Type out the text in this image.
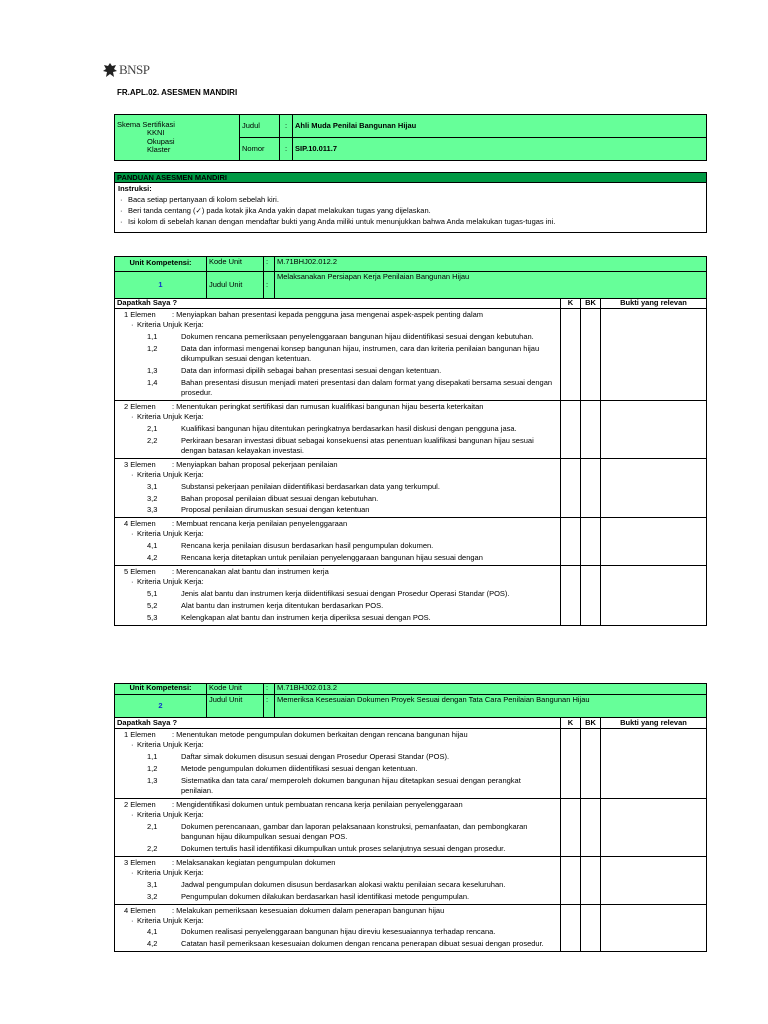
BNSP
FR.APL.02. ASESMEN MANDIRI
Skema Sertifikasi
KKNI
Okupasi
Klaster	Judul	:	Ahli Muda Penilai Bangunan Hijau
	Nomor	:	SIP.10.011.7
PANDUAN ASESMEN MANDIRI
Instruksi:
· Baca setiap pertanyaan di kolom sebelah kiri.
· Beri tanda centang (✓) pada kotak jika Anda yakin dapat melakukan tugas yang dijelaskan.
· Isi kolom di sebelah kanan dengan mendaftar bukti yang Anda miliki untuk menunjukkan bahwa Anda melakukan tugas-tugas ini.
Unit Kompetensi:	Kode Unit	:	M.71BHJ02.012.2
1	Judul Unit	:	Melaksanakan Persiapan Kerja Penilaian Bangunan Hijau
Dapatkah Saya ?	K	BK	Bukti yang relevan
1 Elemen : Menyiapkan bahan presentasi kepada pengguna jasa mengenai aspek-aspek penting dalam
· Kriteria Unjuk Kerja:
1,1	Dokumen rencana pemeriksaan penyelenggaraan bangunan hijau diidentifikasi sesuai dengan kebutuhan.
1,2	Data dan informasi mengenai konsep bangunan hijau, instrumen, cara dan kriteria penilaian bangunan hijau dikumpulkan sesuai dengan ketentuan.
1,3	Data dan informasi dipilih sebagai bahan presentasi sesuai dengan ketentuan.
1,4	Bahan presentasi disusun menjadi materi presentasi dan dalam format yang disepakati bersama sesuai dengan prosedur.
2 Elemen : Menentukan peringkat sertifikasi dan rumusan kualifikasi bangunan hijau beserta keterkaitan
· Kriteria Unjuk Kerja:
2,1	Kualifikasi bangunan hijau ditentukan peringkatnya berdasarkan hasil diskusi dengan pengguna jasa.
2,2	Perkiraan besaran investasi dibuat sebagai konsekuensi atas penentuan kualifikasi bangunan hijau sesuai dengan batasan kelayakan investasi.
3 Elemen : Menyiapkan bahan proposal pekerjaan penilaian
· Kriteria Unjuk Kerja:
3,1	Substansi pekerjaan penilaian diidentifikasi berdasarkan data yang terkumpul.
3,2	Bahan proposal penilaian dibuat sesuai dengan kebutuhan.
3,3	Proposal penilaian dirumuskan sesuai dengan ketentuan
4 Elemen : Membuat rencana kerja penilaian penyelenggaraan
· Kriteria Unjuk Kerja:
4,1	Rencana kerja penilaian disusun berdasarkan hasil pengumpulan dokumen.
4,2	Rencana kerja ditetapkan untuk penilaian penyelenggaraan bangunan hijau sesuai dengan
5 Elemen : Merencanakan alat bantu dan instrumen kerja
· Kriteria Unjuk Kerja:
5,1	Jenis alat bantu dan instrumen kerja diidentifikasi sesuai dengan Prosedur Operasi Standar (POS).
5,2	Alat bantu dan instrumen kerja ditentukan berdasarkan POS.
5,3	Kelengkapan alat bantu dan instrumen kerja diperiksa sesuai dengan POS.
Unit Kompetensi:	Kode Unit	:	M.71BHJ02.013.2
2	Judul Unit	:	Memeriksa Kesesuaian Dokumen Proyek Sesuai dengan Tata Cara Penilaian Bangunan Hijau
Dapatkah Saya ?	K	BK	Bukti yang relevan
1 Elemen : Menentukan metode pengumpulan dokumen berkaitan dengan rencana bangunan hijau
· Kriteria Unjuk Kerja:
1,1	Daftar simak dokumen disusun sesuai dengan Prosedur Operasi Standar (POS).
1,2	Metode pengumpulan dokumen diidentifikasi sesuai dengan ketentuan.
1,3	Sistematika dan tata cara/ memperoleh dokumen bangunan hijau ditetapkan sesuai dengan perangkat penilaian.
2 Elemen : Mengidentifikasi dokumen untuk pembuatan rencana kerja penilaian penyelenggaraan
· Kriteria Unjuk Kerja:
2,1	Dokumen perencanaan, gambar dan laporan pelaksanaan konstruksi, pemanfaatan, dan pembongkaran bangunan hijau dikumpulkan sesuai dengan POS.
2,2	Dokumen tertulis hasil identifikasi dikumpulkan untuk proses selanjutnya sesuai dengan prosedur.
3 Elemen : Melaksanakan kegiatan pengumpulan dokumen
· Kriteria Unjuk Kerja:
3,1	Jadwal pengumpulan dokumen disusun berdasarkan alokasi waktu penilaian secara keseluruhan.
3,2	Pengumpulan dokumen dilakukan berdasarkan hasil identifikasi metode pengumpulan.
4 Elemen : Melakukan pemeriksaan kesesuaian dokumen dalam penerapan bangunan hijau
· Kriteria Unjuk Kerja:
4,1	Dokumen realisasi penyelenggaraan bangunan hijau direviu kesesuaiannya terhadap rencana.
4,2	Catatan hasil pemeriksaan kesesuaian dokumen dengan rencana penerapan dibuat sesuai dengan prosedur.
